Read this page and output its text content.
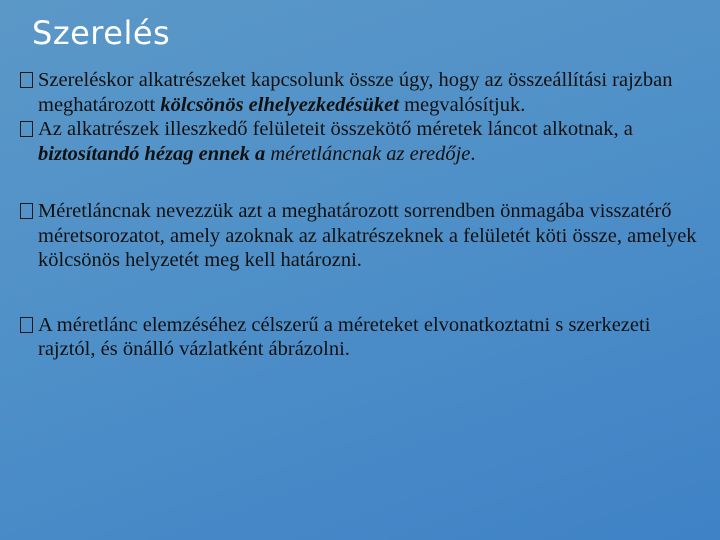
Szerelés
Szereléskor alkatrészeket kapcsolunk össze úgy, hogy az összeállítási rajzban meghatározott kölcsönös elhelyezkedésüket megvalósítjuk.
Az alkatrészek illeszkedő felületeit összekötő méretek láncot alkotnak, a biztosítandó hézag ennek a méretláncnak az eredője.
Méretláncnak nevezzük azt a meghatározott sorrendben önmagába visszatérő méretsorozatot, amely azoknak az alkatrészeknek a felületét köti össze, amelyek kölcsönös helyzetét meg kell határozni.
A méretlánc elemzéséhez célszerű a méreteket elvonatkoztatni s szerkezeti rajztól, és önálló vázlatként ábrázolni.
